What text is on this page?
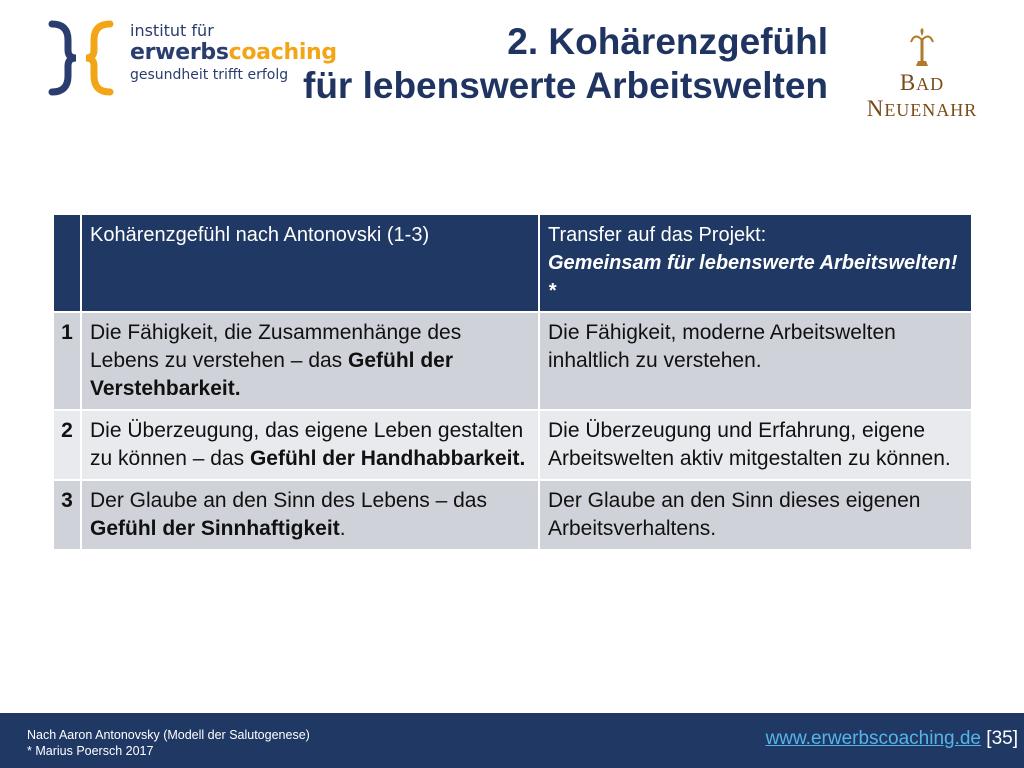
institut für
erwerbscoaching
gesundheit trifft erfolg
2. Kohärenzgefühl
für lebenswerte Arbeitswelten	BAD NEUENAHR
	Kohärenzgefühl nach Antonovski (1-3)	Transfer auf das Projekt:
Gemeinsam für lebenswerte Arbeitswelten! *

1	Die Fähigkeit, die Zusammenhänge des Lebens zu verstehen – das Gefühl der Verstehbarkeit.	Die Fähigkeit, moderne Arbeitswelten inhaltlich zu verstehen.
2	Die Überzeugung, das eigene Leben gestalten zu können – das Gefühl der Handhabbarkeit.	Die Überzeugung und Erfahrung, eigene Arbeitswelten aktiv mitgestalten zu können.
3	Der Glaube an den Sinn des Lebens – das Gefühl der Sinnhaftigkeit.	Der Glaube an den Sinn dieses eigenen Arbeitsverhaltens.
Nach Aaron Antonovsky (Modell der Salutogenese)
* Marius Poersch 2017
www.erwerbscoaching.de [35]
